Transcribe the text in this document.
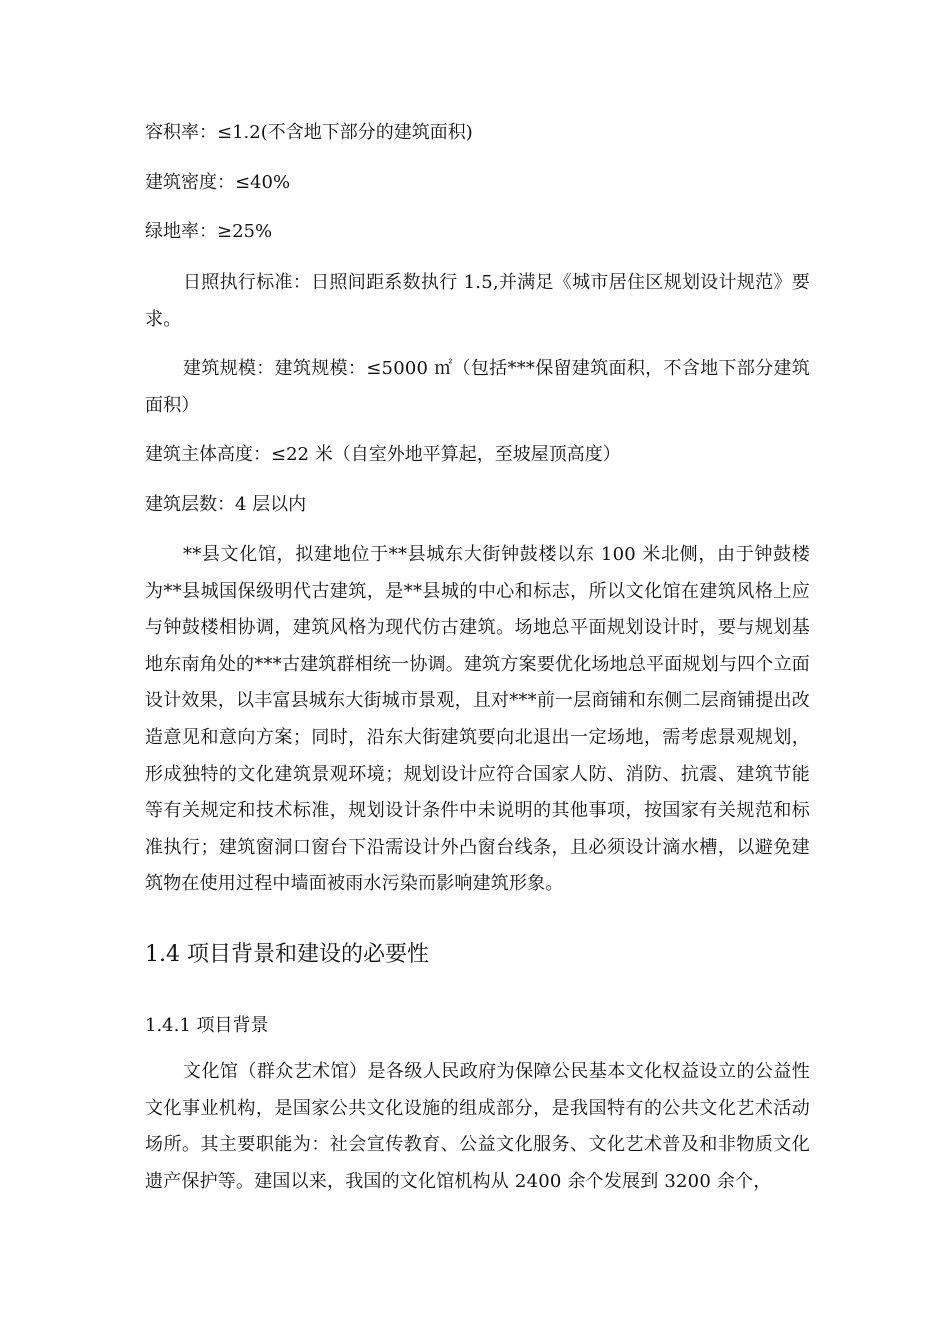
容积率：≤1.2(不含地下部分的建筑面积)
建筑密度：≤40%
绿地率：≥25%
日照执行标准：日照间距系数执行 1.5,并满足《城市居住区规划设计规范》要求。
建筑规模：建筑规模：≤5000 ㎡（包括***保留建筑面积，不含地下部分建筑面积）
建筑主体高度：≤22 米（自室外地平算起，至坡屋顶高度）
建筑层数：4 层以内
**县文化馆，拟建地位于**县城东大街钟鼓楼以东 100 米北侧，由于钟鼓楼为**县城国保级明代古建筑，是**县城的中心和标志，所以文化馆在建筑风格上应与钟鼓楼相协调，建筑风格为现代仿古建筑。场地总平面规划设计时，要与规划基地东南角处的***古建筑群相统一协调。建筑方案要优化场地总平面规划与四个立面设计效果，以丰富县城东大街城市景观，且对***前一层商铺和东侧二层商铺提出改造意见和意向方案；同时，沿东大街建筑要向北退出一定场地，需考虑景观规划，形成独特的文化建筑景观环境；规划设计应符合国家人防、消防、抗震、建筑节能等有关规定和技术标准，规划设计条件中未说明的其他事项，按国家有关规范和标准执行；建筑窗洞口窗台下沿需设计外凸窗台线条，且必须设计滴水槽，以避免建筑物在使用过程中墙面被雨水污染而影响建筑形象。
1.4 项目背景和建设的必要性
1.4.1 项目背景
文化馆（群众艺术馆）是各级人民政府为保障公民基本文化权益设立的公益性文化事业机构，是国家公共文化设施的组成部分，是我国特有的公共文化艺术活动场所。其主要职能为：社会宣传教育、公益文化服务、文化艺术普及和非物质文化遗产保护等。建国以来，我国的文化馆机构从 2400 余个发展到 3200 余个，
